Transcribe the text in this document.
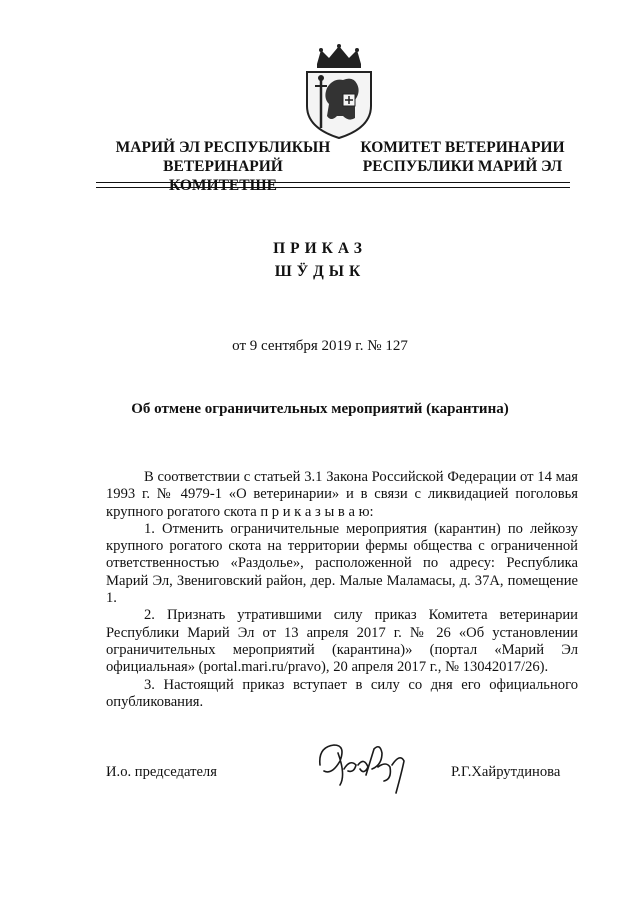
МАРИЙ ЭЛ РЕСПУБЛИКЫН
ВЕТЕРИНАРИЙ КОМИТЕТШЕ
КОМИТЕТ ВЕТЕРИНАРИИ
РЕСПУБЛИКИ МАРИЙ ЭЛ
ПРИКАЗ
ШӰДЫК
от 9 сентября 2019 г. № 127
Об отмене ограничительных мероприятий (карантина)

В соответствии с статьей 3.1 Закона Российской Федерации от 14 мая 1993 г. № 4979-1 «О ветеринарии» и в связи с ликвидацией поголовья крупного рогатого скота п р и к а з ы в а ю:

1. Отменить ограничительные мероприятия (карантин) по лейкозу крупного рогатого скота на территории фермы общества с ограниченной ответственностью «Раздолье», расположенной по адресу: Республика Марий Эл, Звениговский район, дер. Малые Маламасы, д. 37А, помещение 1.

2. Признать утратившими силу приказ Комитета ветеринарии Республики Марий Эл от 13 апреля 2017 г. № 26 «Об установлении ограничительных мероприятий (карантина)» (портал «Марий Эл официальная» (portal.mari.ru/pravo), 20 апреля 2017 г., № 13042017/26).

3. Настоящий приказ вступает в силу со дня его официального опубликования.

И.о. председателя	Р.Г.Хайрутдинова
